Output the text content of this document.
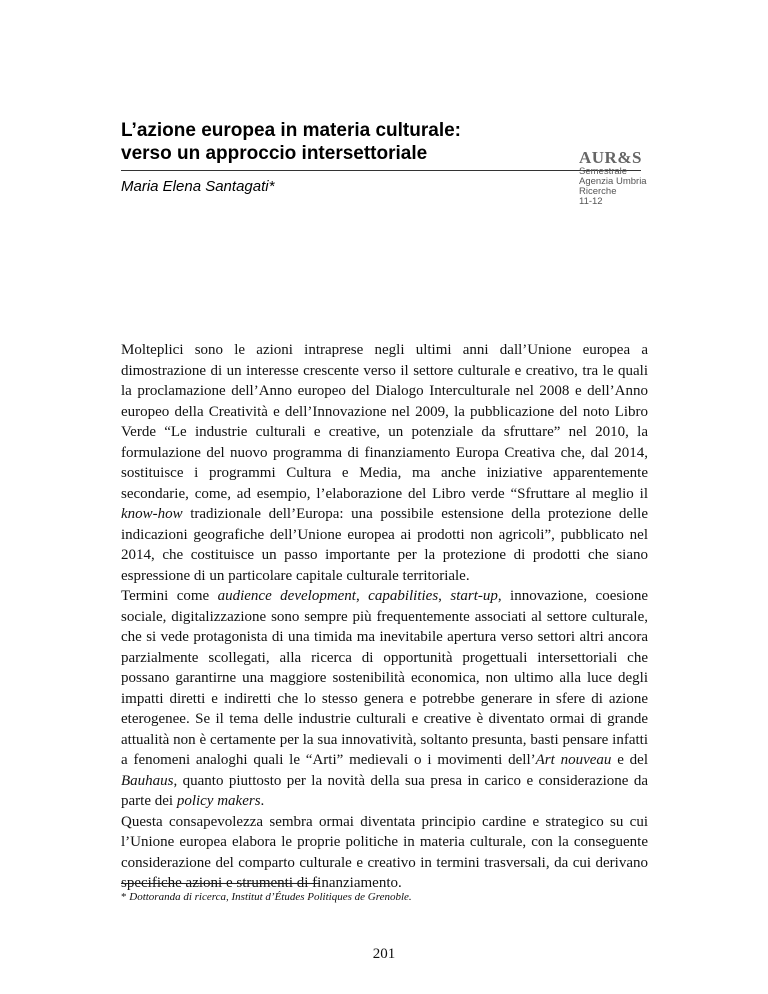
L’azione europea in materia culturale:
verso un approccio intersettoriale
Maria Elena Santagati*
AUR&S
Semestrale
Agenzia Umbria
Ricerche
11-12

Molteplici sono le azioni intraprese negli ultimi anni dall’Unione europea a dimostrazione di un interesse crescente verso il settore culturale e creativo, tra le quali la proclamazione dell’Anno europeo del Dialogo Interculturale nel 2008 e dell’Anno europeo della Creatività e dell’Innovazione nel 2009, la pubblicazione del noto Libro Verde “Le industrie culturali e creative, un potenziale da sfruttare” nel 2010, la formulazione del nuovo programma di finanziamento Europa Creativa che, dal 2014, sostituisce i programmi Cultura e Media, ma anche iniziative apparentemente secondarie, come, ad esempio, l’elaborazione del Libro verde “Sfruttare al meglio il know-how tradizionale dell’Europa: una possibile estensione della protezione delle indicazioni geografiche dell’Unione europea ai prodotti non agricoli”, pubblicato nel 2014, che costituisce un passo importante per la protezione di prodotti che siano espressione di un particolare capitale culturale territoriale.

Termini come audience development, capabilities, start-up, innovazione, coesione sociale, digitalizzazione sono sempre più frequentemente associati al settore culturale, che si vede protagonista di una timida ma inevitabile apertura verso settori altri ancora parzialmente scollegati, alla ricerca di opportunità progettuali intersettoriali che possano garantirne una maggiore sostenibilità economica, non ultimo alla luce degli impatti diretti e indiretti che lo stesso genera e potrebbe generare in sfere di azione eterogenee. Se il tema delle industrie culturali e creative è diventato ormai di grande attualità non è certamente per la sua innovatività, soltanto presunta, basti pensare infatti a fenomeni analoghi quali le “Arti” medievali o i movimenti dell’Art nouveau e del Bauhaus, quanto piuttosto per la novità della sua presa in carico e considerazione da parte dei policy makers.

Questa consapevolezza sembra ormai diventata principio cardine e strategico su cui l’Unione europea elabora le proprie politiche in materia culturale, con la conseguente considerazione del comparto culturale e creativo in termini trasversali, da cui derivano specifiche azioni e strumenti di finanziamento.

* Dottoranda di ricerca, Institut d’Études Politiques de Grenoble.
201
